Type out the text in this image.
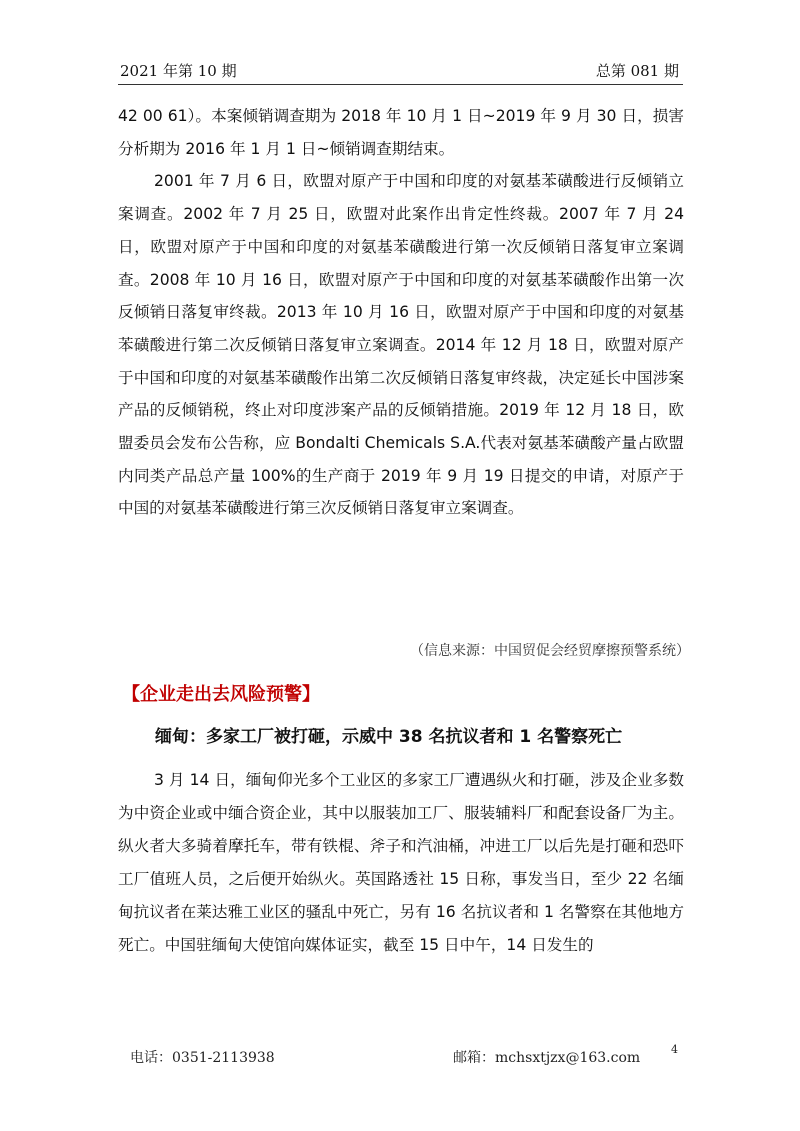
2021 年第 10 期	总第 081 期

42 00 61）。本案倾销调查期为 2018 年 10 月 1 日~2019 年 9 月 30 日，损害分析期为 2016 年 1 月 1 日~倾销调查期结束。

2001 年 7 月 6 日，欧盟对原产于中国和印度的对氨基苯磺酸进行反倾销立案调查。2002 年 7 月 25 日，欧盟对此案作出肯定性终裁。2007 年 7 月 24 日，欧盟对原产于中国和印度的对氨基苯磺酸进行第一次反倾销日落复审立案调查。2008 年 10 月 16 日，欧盟对原产于中国和印度的对氨基苯磺酸作出第一次反倾销日落复审终裁。2013 年 10 月 16 日，欧盟对原产于中国和印度的对氨基苯磺酸进行第二次反倾销日落复审立案调查。2014 年 12 月 18 日，欧盟对原产于中国和印度的对氨基苯磺酸作出第二次反倾销日落复审终裁，决定延长中国涉案产品的反倾销税，终止对印度涉案产品的反倾销措施。2019 年 12 月 18 日，欧盟委员会发布公告称，应 Bondalti Chemicals S.A.代表对氨基苯磺酸产量占欧盟内同类产品总产量 100%的生产商于 2019 年 9 月 19 日提交的申请，对原产于中国的对氨基苯磺酸进行第三次反倾销日落复审立案调查。

（信息来源：中国贸促会经贸摩擦预警系统）
【企业走出去风险预警】
缅甸：多家工厂被打砸，示威中 38 名抗议者和 1 名警察死亡

3 月 14 日，缅甸仰光多个工业区的多家工厂遭遇纵火和打砸，涉及企业多数为中资企业或中缅合资企业，其中以服装加工厂、服装辅料厂和配套设备厂为主。纵火者大多骑着摩托车，带有铁棍、斧子和汽油桶，冲进工厂以后先是打砸和恐吓工厂值班人员，之后便开始纵火。英国路透社 15 日称，事发当日，至少 22 名缅甸抗议者在莱达雅工业区的骚乱中死亡，另有 16 名抗议者和 1 名警察在其他地方死亡。中国驻缅甸大使馆向媒体证实，截至 15 日中午，14 日发生的

电话：0351-2113938	邮箱：mchsxtjzx@163.com
4
